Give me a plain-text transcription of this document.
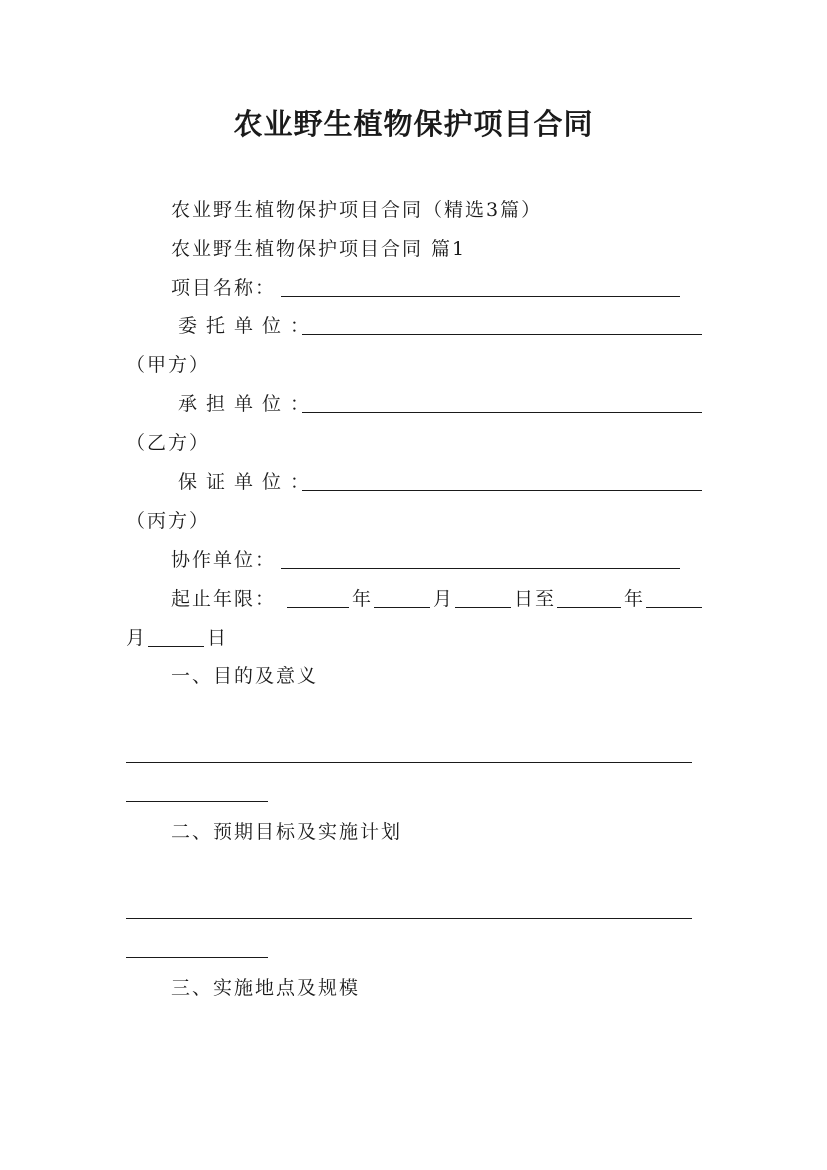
农业野生植物保护项目合同
农业野生植物保护项目合同（精选3篇）
农业野生植物保护项目合同 篇1
项目名称：
委托单位：
（甲方）
承担单位：
（乙方）
保证单位：
（丙方）
协作单位：
起止年限：	年	月	日至	年
月	日
一、目的及意义
二、预期目标及实施计划
三、实施地点及规模
